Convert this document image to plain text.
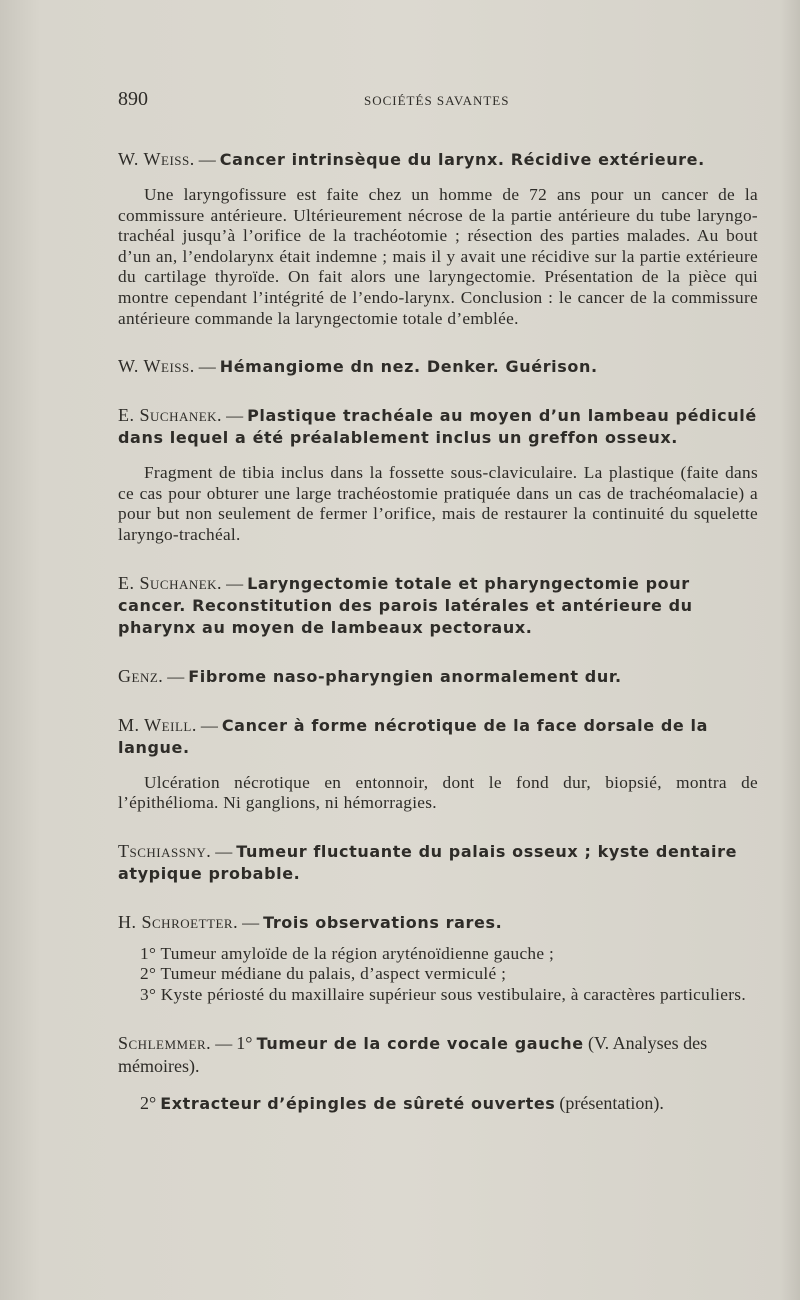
890	SOCIÉTÉS SAVANTES

W. Weiss. — Cancer intrinsèque du larynx. Récidive extérieure.

Une laryngofissure est faite chez un homme de 72 ans pour un cancer de la commissure antérieure. Ultérieurement nécrose de la partie antérieure du tube laryngo-trachéal jusqu’à l’orifice de la trachéotomie ; résection des parties malades. Au bout d’un an, l’endolarynx était indemne ; mais il y avait une récidive sur la partie extérieure du cartilage thyroïde. On fait alors une laryngectomie. Présentation de la pièce qui montre cependant l’intégrité de l’endo-larynx. Conclusion : le cancer de la commissure antérieure commande la laryngectomie totale d’emblée.

W. Weiss. — Hémangiome dn nez. Denker. Guérison.

E. Suchanek. — Plastique trachéale au moyen d’un lambeau pédiculé dans lequel a été préalablement inclus un greffon osseux.

Fragment de tibia inclus dans la fossette sous-claviculaire. La plastique (faite dans ce cas pour obturer une large trachéostomie pratiquée dans un cas de trachéomalacie) a pour but non seulement de fermer l’orifice, mais de restaurer la continuité du squelette laryngo-trachéal.

E. Suchanek. — Laryngectomie totale et pharyngectomie pour cancer. Reconstitution des parois latérales et antérieure du pharynx au moyen de lambeaux pectoraux.

Genz. — Fibrome naso-pharyngien anormalement dur.

M. Weill. — Cancer à forme nécrotique de la face dorsale de la langue.

Ulcération nécrotique en entonnoir, dont le fond dur, biopsié, montra de l’épithélioma. Ni ganglions, ni hémorragies.

Tschiassny. — Tumeur fluctuante du palais osseux ; kyste dentaire atypique probable.

H. Schroetter. — Trois observations rares.

1° Tumeur amyloïde de la région aryténoïdienne gauche ;

2° Tumeur médiane du palais, d’aspect vermiculé ;

3° Kyste périosté du maxillaire supérieur sous vestibulaire, à caractères particuliers.

Schlemmer. — 1° Tumeur de la corde vocale gauche (V. Analyses des mémoires).

2° Extracteur d’épingles de sûreté ouvertes (présentation).
